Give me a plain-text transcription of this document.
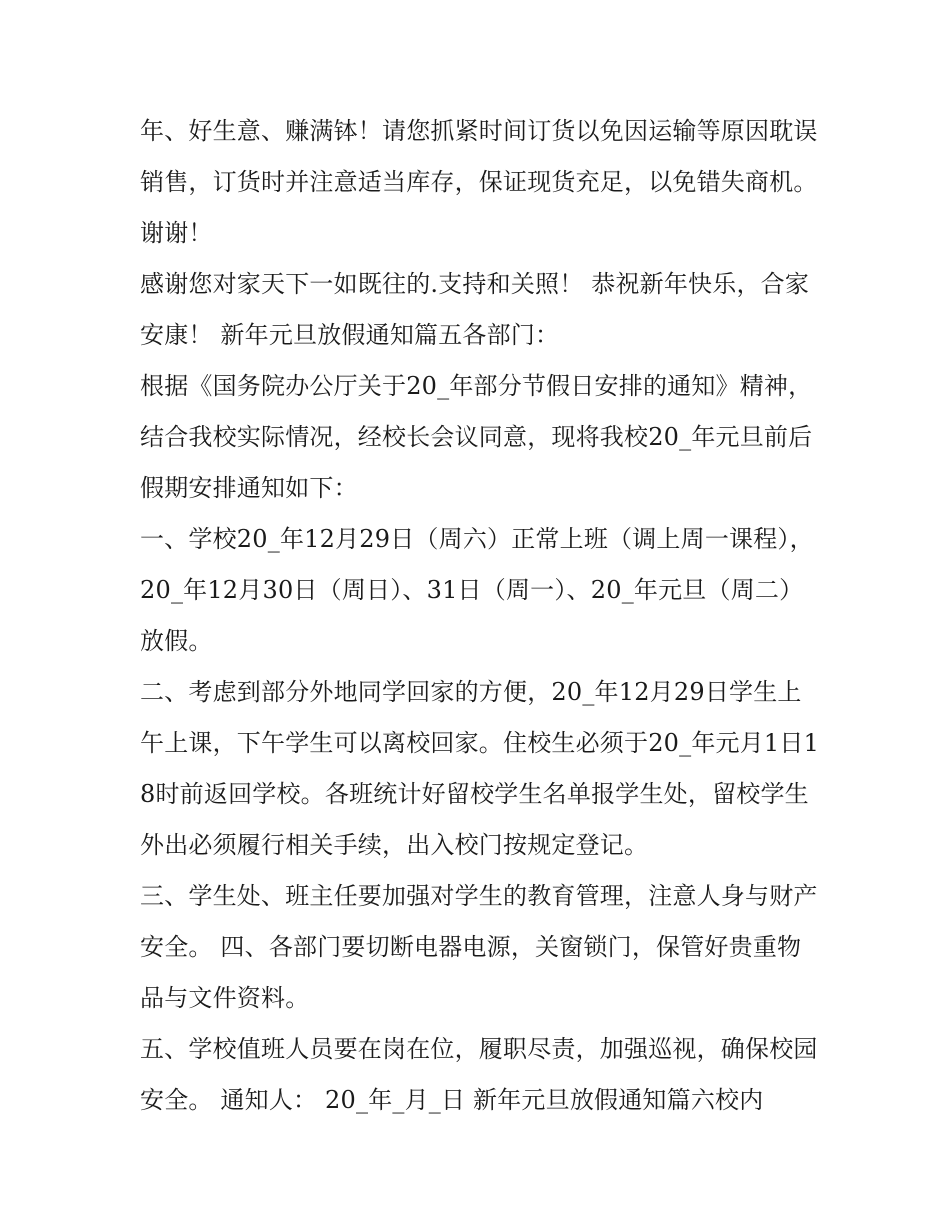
年、好生意、赚满钵！请您抓紧时间订货以免因运输等原因耽误销售，订货时并注意适当库存，保证现货充足，以免错失商机。谢谢！

感谢您对家天下一如既往的.支持和关照！ 恭祝新年快乐，合家安康！ 新年元旦放假通知篇五各部门：

根据《国务院办公厅关于20_年部分节假日安排的通知》精神，结合我校实际情况，经校长会议同意，现将我校20_年元旦前后假期安排通知如下：

一、学校20_年12月29日（周六）正常上班（调上周一课程），20_年12月30日（周日）、31日（周一）、20_年元旦（周二）放假。

二、考虑到部分外地同学回家的方便，20_年12月29日学生上午上课，下午学生可以离校回家。住校生必须于20_年元月1日18时前返回学校。各班统计好留校学生名单报学生处，留校学生外出必须履行相关手续，出入校门按规定登记。

三、学生处、班主任要加强对学生的教育管理，注意人身与财产安全。 四、各部门要切断电器电源，关窗锁门，保管好贵重物品与文件资料。

五、学校值班人员要在岗在位，履职尽责，加强巡视，确保校园安全。 通知人： 20_年_月_日 新年元旦放假通知篇六校内
